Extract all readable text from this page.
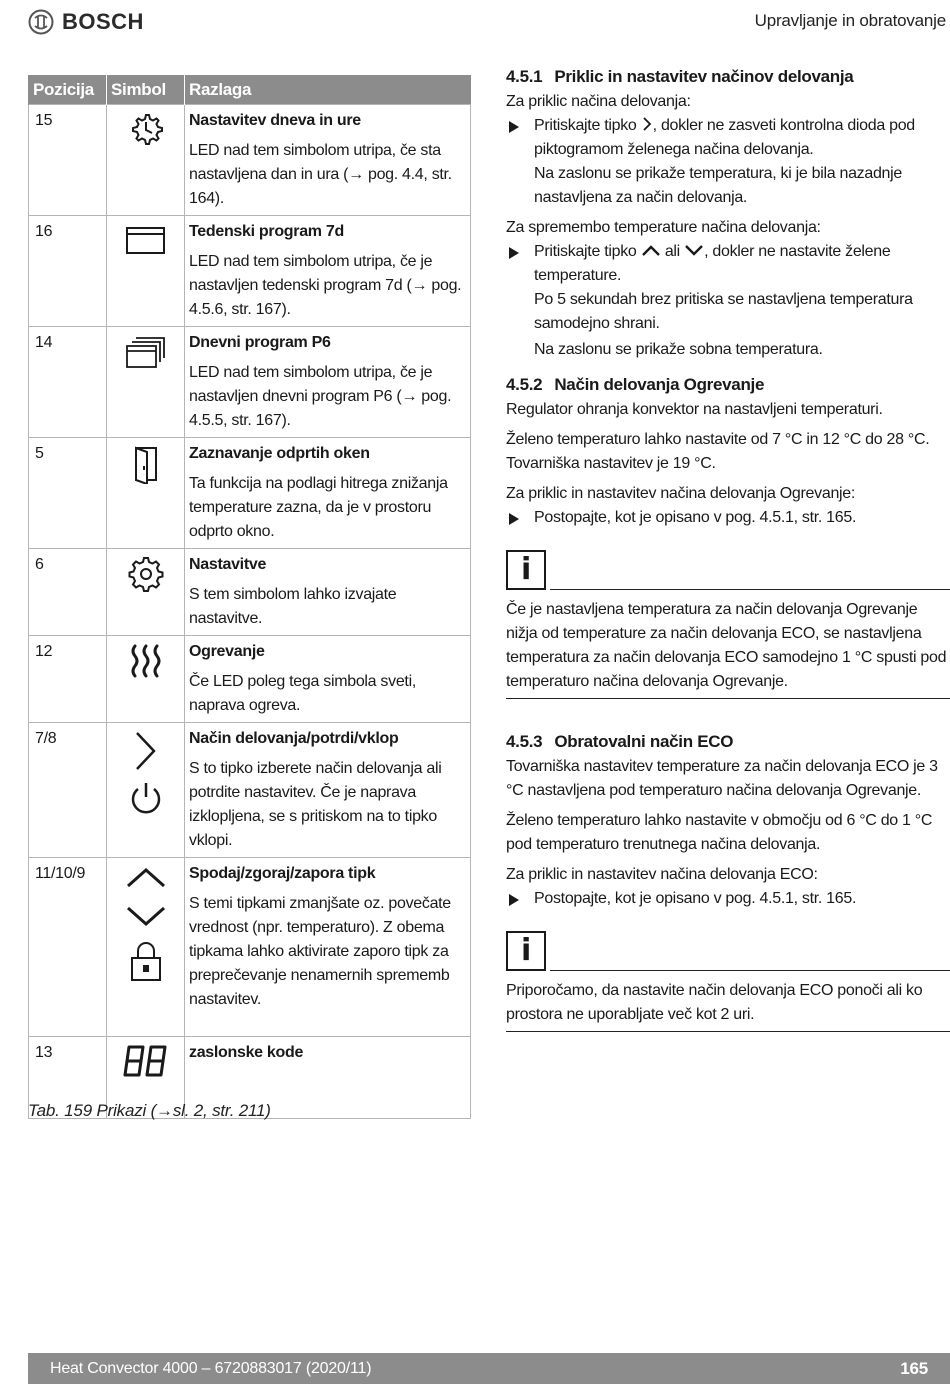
BOSCH	Upravljanje in obratovanje
Pozicija	Simbol	Razlaga
15		Nastavitev dneva in ure
LED nad tem simbolom utripa, če sta nastavljena dan in ura (→ pog. 4.4, str. 164).

16		Tedenski program 7d
LED nad tem simbolom utripa, če je nastavljen tedenski program 7d (→ pog. 4.5.6, str. 167).

14		Dnevni program P6
LED nad tem simbolom utripa, če je nastavljen dnevni program P6 (→ pog. 4.5.5, str. 167).

5		Zaznavanje odprtih oken
Ta funkcija na podlagi hitrega znižanja temperature zazna, da je v prostoru odprto okno.

6		Nastavitve
S tem simbolom lahko izvajate nastavitve.

12		Ogrevanje
Če LED poleg tega simbola sveti, naprava ogreva.

7/8		Način delovanja/potrdi/vklop
S to tipko izberete način delovanja ali potrdite nastavitev. Če je naprava izklopljena, se s pritiskom na to tipko vklopi.

11/10/9		Spodaj/zgoraj/zapora tipk
S temi tipkami zmanjšate oz. povečate vrednost (npr. temperaturo). Z obema tipkama lahko aktivirate zaporo tipk za preprečevanje nenamernih sprememb nastavitev.

13		zaslonske kode
Tab. 159 Prikazi (→sl. 2, str. 211)
4.5.1 Priklic in nastavitev načinov delovanja

Za priklic načina delovanja:

Pritiskajte tipko , dokler ne zasveti kontrolna dioda pod piktogramom želenega načina delovanja.
Na zaslonu se prikaže temperatura, ki je bila nazadnje nastavljena za način delovanja.

Za spremembo temperature načina delovanja:

Pritiskajte tipko ali , dokler ne nastavite želene temperature.
Po 5 sekundah brez pritiska se nastavljena temperatura samodejno shrani.
Na zaslonu se prikaže sobna temperatura.
4.5.2 Način delovanja Ogrevanje

Regulator ohranja konvektor na nastavljeni temperaturi.

Želeno temperaturo lahko nastavite od 7 °C in 12 °C do 28 °C. Tovarniška nastavitev je 19 °C.

Za priklic in nastavitev načina delovanja Ogrevanje:

Postopajte, kot je opisano v pog. 4.5.1, str. 165.
i
Če je nastavljena temperatura za način delovanja Ogrevanje nižja od temperature za način delovanja ECO, se nastavljena temperatura za način delovanja ECO samodejno 1 °C spusti pod temperaturo načina delovanja Ogrevanje.
4.5.3 Obratovalni način ECO

Tovarniška nastavitev temperature za način delovanja ECO je 3 °C nastavljena pod temperaturo načina delovanja Ogrevanje.

Želeno temperaturo lahko nastavite v območju od 6 °C do 1 °C pod temperaturo trenutnega načina delovanja.

Za priklic in nastavitev načina delovanja ECO:

Postopajte, kot je opisano v pog. 4.5.1, str. 165.
i
Priporočamo, da nastavite način delovanja ECO ponoči ali ko prostora ne uporabljate več kot 2 uri.
Heat Convector 4000 – 6720883017 (2020/11)	165
